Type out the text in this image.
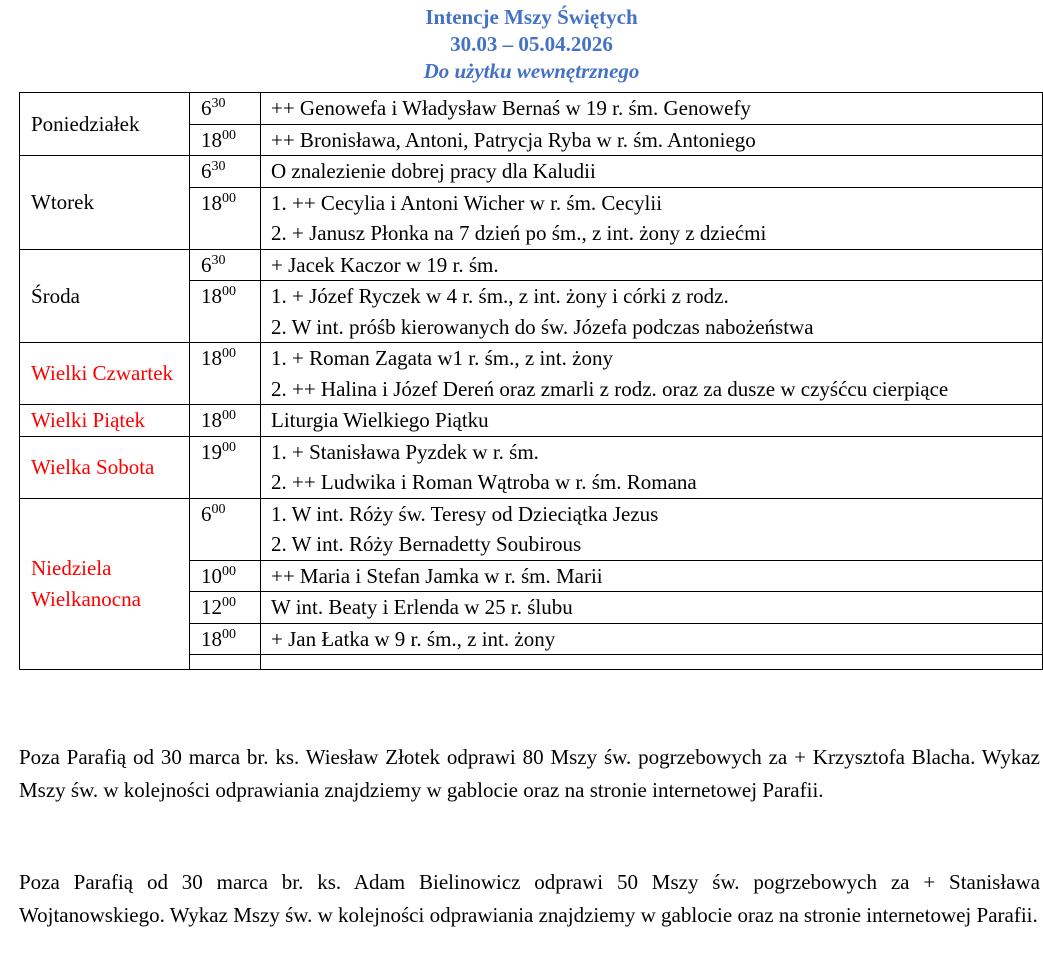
Intencje Mszy Świętych
30.03 – 05.04.2026
Do użytku wewnętrznego
Poniedziałek	$6^{30}$	++ Genowefa i Władysław Bernaś w 19 r. śm. Genowefy

	$18^{00}$	++ Bronisława, Antoni, Patrycja Ryba w r. śm. Antoniego

Wtorek	$6^{30}$	O znalezienie dobrej pracy dla Kaludii

	$18^{00}$	1. ++ Cecylia i Antoni Wicher w r. śm. Cecylii
2. + Janusz Płonka na 7 dzień po śm., z int. żony z dziećmi

Środa	$6^{30}$	+ Jacek Kaczor w 19 r. śm.

	$18^{00}$	1. + Józef Ryczek w 4 r. śm., z int. żony i córki z rodz.
2. W int. próśb kierowanych do św. Józefa podczas nabożeństwa

Wielki Czwartek	$18^{00}$	1. + Roman Zagata w1 r. śm., z int. żony
2. ++ Halina i Józef Dereń oraz zmarli z rodz. oraz za dusze w czyśćcu cierpiące

Wielki Piątek	$18^{00}$	Liturgia Wielkiego Piątku

Wielka Sobota	$19^{00}$	1. + Stanisława Pyzdek w r. śm.
2. ++ Ludwika i Roman Wątroba w r. śm. Romana

Niedziela Wielkanocna	$6^{00}$	1. W int. Róży św. Teresy od Dzieciątka Jezus
2. W int. Róży Bernadetty Soubirous

	$10^{00}$	++ Maria i Stefan Jamka w r. śm. Marii

	$12^{00}$	W int. Beaty i Erlenda w 25 r. ślubu

	$18^{00}$	+ Jan Łatka w 9 r. śm., z int. żony

Poza Parafią od 30 marca br. ks. Wiesław Złotek odprawi 80 Mszy św. pogrzebowych za + Krzysztofa Blacha. Wykaz Mszy św. w kolejności odprawiania znajdziemy w gablocie oraz na stronie internetowej Parafii.

Poza Parafią od 30 marca br. ks. Adam Bielinowicz odprawi 50 Mszy św. pogrzebowych za + Stanisława Wojtanowskiego. Wykaz Mszy św. w kolejności odprawiania znajdziemy w gablocie oraz na stronie internetowej Parafii.
